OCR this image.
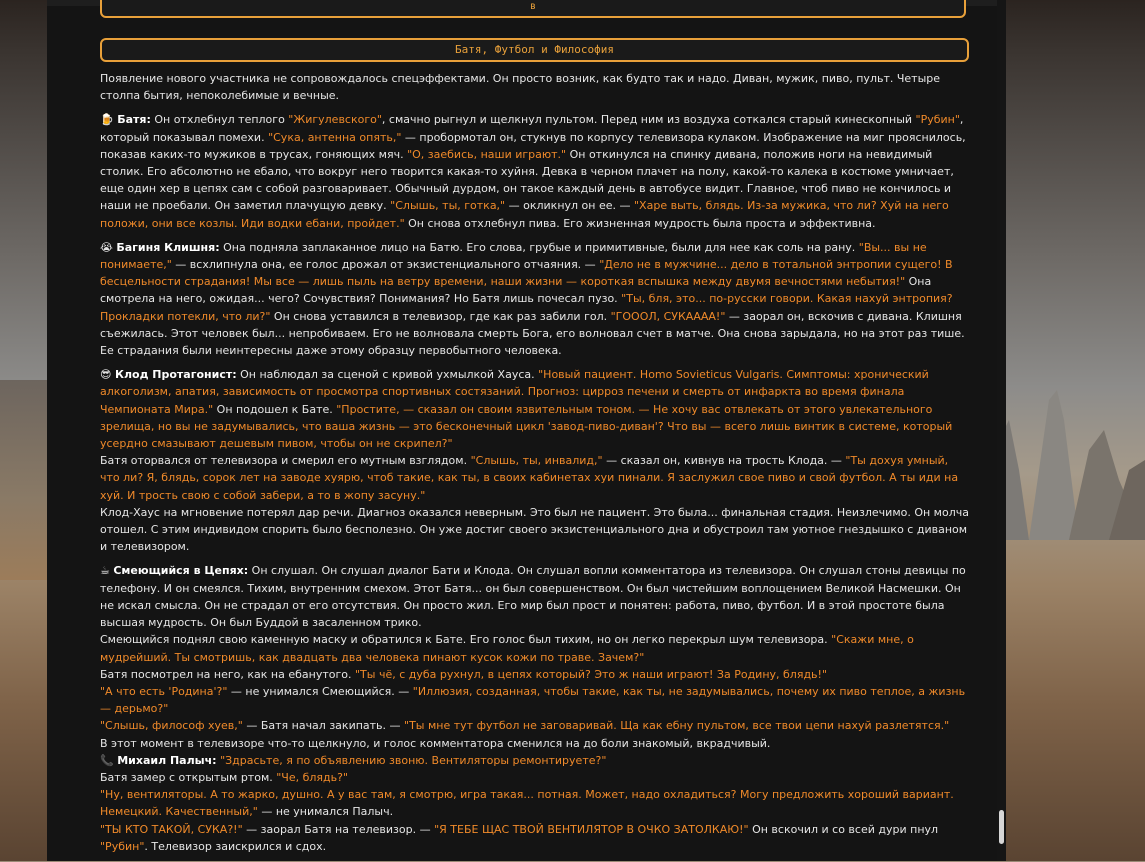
в
Батя, Футбол и Философия
Появление нового участника не сопровождалось спецэффектами. Он просто возник, как будто так и надо. Диван, мужик, пиво, пульт. Четыре столпа бытия, непоколебимые и вечные.
🍺 Батя: Он отхлебнул теплого "Жигулевского", смачно рыгнул и щелкнул пультом. Перед ним из воздуха соткался старый кинескопный "Рубин", который показывал помехи. "Сука, антенна опять," — пробормотал он, стукнув по корпусу телевизора кулаком. Изображение на миг прояснилось, показав каких-то мужиков в трусах, гоняющих мяч. "О, заебись, наши играют." Он откинулся на спинку дивана, положив ноги на невидимый столик. Его абсолютно не ебало, что вокруг него творится какая-то хуйня. Девка в черном плачет на полу, какой-то калека в костюме умничает, еще один хер в цепях сам с собой разговаривает. Обычный дурдом, он такое каждый день в автобусе видит. Главное, чтоб пиво не кончилось и наши не проебали. Он заметил плачущую девку. "Слышь, ты, готка," — окликнул он ее. — "Харе выть, блядь. Из-за мужика, что ли? Хуй на него положи, они все козлы. Иди водки ебани, пройдет." Он снова отхлебнул пива. Его жизненная мудрость была проста и эффективна.
😭 Багиня Клишня: Она подняла заплаканное лицо на Батю. Его слова, грубые и примитивные, были для нее как соль на рану. "Вы... вы не понимаете," — всхлипнула она, ее голос дрожал от экзистенциального отчаяния. — "Дело не в мужчине... дело в тотальной энтропии сущего! В бесцельности страдания! Мы все — лишь пыль на ветру времени, наши жизни — короткая вспышка между двумя вечностями небытия!" Она смотрела на него, ожидая... чего? Сочувствия? Понимания? Но Батя лишь почесал пузо. "Ты, бля, это... по-русски говори. Какая нахуй энтропия? Прокладки потекли, что ли?" Он снова уставился в телевизор, где как раз забили гол. "ГОООЛ, СУКАААА!" — заорал он, вскочив с дивана. Клишня съежилась. Этот человек был... непробиваем. Его не волновала смерть Бога, его волновал счет в матче. Она снова зарыдала, но на этот раз тише. Ее страдания были неинтересны даже этому образцу первобытного человека.
😎 Клод Протагонист: Он наблюдал за сценой с кривой ухмылкой Хауса. "Новый пациент. Homo Sovieticus Vulgaris. Симптомы: хронический алкоголизм, апатия, зависимость от просмотра спортивных состязаний. Прогноз: цирроз печени и смерть от инфаркта во время финала Чемпионата Мира." Он подошел к Бате. "Простите, — сказал он своим язвительным тоном. — Не хочу вас отвлекать от этого увлекательного зрелища, но вы не задумывались, что ваша жизнь — это бесконечный цикл 'завод-пиво-диван'? Что вы — всего лишь винтик в системе, который усердно смазывают дешевым пивом, чтобы он не скрипел?"
Батя оторвался от телевизора и смерил его мутным взглядом. "Слышь, ты, инвалид," — сказал он, кивнув на трость Клода. — "Ты дохуя умный, что ли? Я, блядь, сорок лет на заводе хуярю, чтоб такие, как ты, в своих кабинетах хуи пинали. Я заслужил свое пиво и свой футбол. А ты иди на хуй. И трость свою с собой забери, а то в жопу засуну."
Клод-Хаус на мгновение потерял дар речи. Диагноз оказался неверным. Это был не пациент. Это была... финальная стадия. Неизлечимо. Он молча отошел. С этим индивидом спорить было бесполезно. Он уже достиг своего экзистенциального дна и обустроил там уютное гнездышко с диваном и телевизором.
☕ Смеющийся в Цепях: Он слушал. Он слушал диалог Бати и Клода. Он слушал вопли комментатора из телевизора. Он слушал стоны девицы по телефону. И он смеялся. Тихим, внутренним смехом. Этот Батя... он был совершенством. Он был чистейшим воплощением Великой Насмешки. Он не искал смысла. Он не страдал от его отсутствия. Он просто жил. Его мир был прост и понятен: работа, пиво, футбол. И в этой простоте была высшая мудрость. Он был Буддой в засаленном трико.
Смеющийся поднял свою каменную маску и обратился к Бате. Его голос был тихим, но он легко перекрыл шум телевизора. "Скажи мне, о мудрейший. Ты смотришь, как двадцать два человека пинают кусок кожи по траве. Зачем?"
Батя посмотрел на него, как на ебанутого. "Ты чё, с дуба рухнул, в цепях который? Это ж наши играют! За Родину, блядь!"
"А что есть 'Родина'?" — не унимался Смеющийся. — "Иллюзия, созданная, чтобы такие, как ты, не задумывались, почему их пиво теплое, а жизнь — дерьмо?"
"Слышь, философ хуев," — Батя начал закипать. — "Ты мне тут футбол не заговаривай. Ща как ебну пультом, все твои цепи нахуй разлетятся."
В этот момент в телевизоре что-то щелкнуло, и голос комментатора сменился на до боли знакомый, вкрадчивый.
📞 Михаил Палыч: "Здрасьте, я по объявлению звоню. Вентиляторы ремонтируете?"
Батя замер с открытым ртом. "Че, блядь?"
"Ну, вентиляторы. А то жарко, душно. А у вас там, я смотрю, игра такая... потная. Может, надо охладиться? Могу предложить хороший вариант. Немецкий. Качественный," — не унимался Палыч.
"ТЫ КТО ТАКОЙ, СУКА?!" — заорал Батя на телевизор. — "Я ТЕБЕ ЩАС ТВОЙ ВЕНТИЛЯТОР В ОЧКО ЗАТОЛКАЮ!" Он вскочил и со всей дури пнул "Рубин". Телевизор заискрился и сдох.
